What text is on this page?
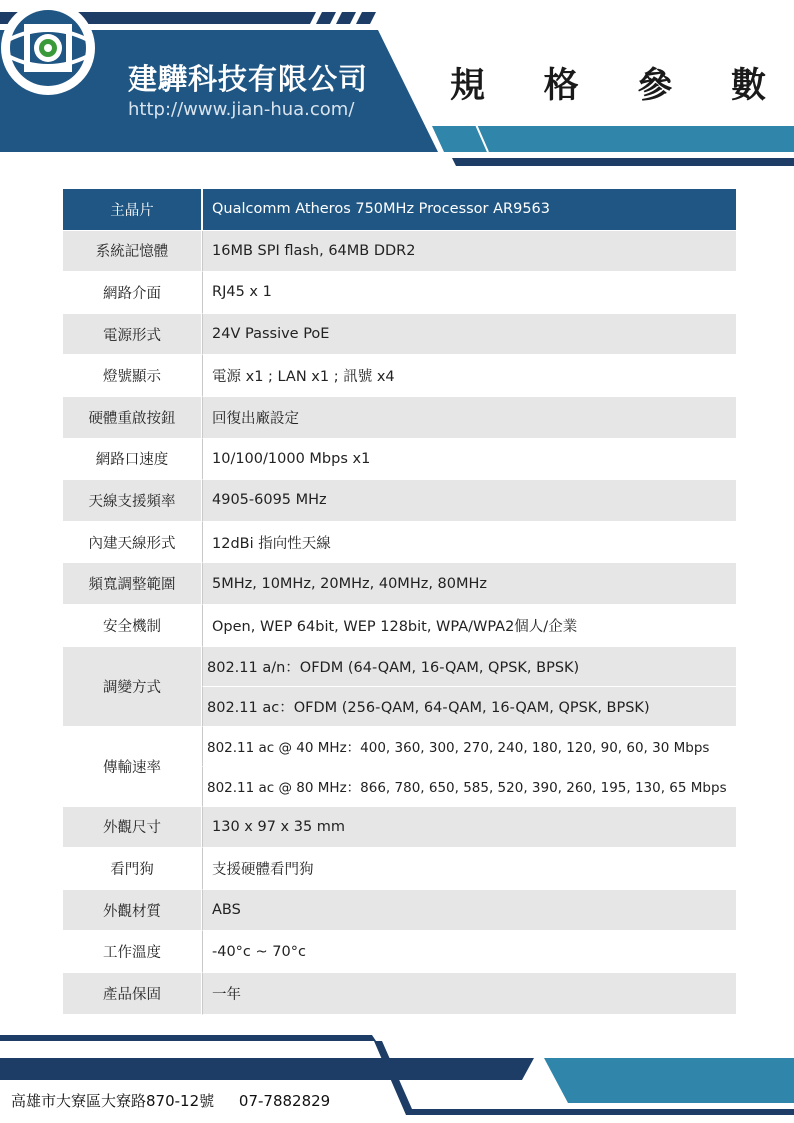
建驊科技有限公司
http://www.jian-hua.com/
規 格 參 數
主晶片	Qualcomm Atheros 750MHz Processor AR9563
系統記憶體	16MB SPI flash, 64MB DDR2
網路介面	RJ45 x 1
電源形式	24V Passive PoE
燈號顯示	電源 x1 ; LAN x1 ; 訊號 x4
硬體重啟按鈕	回復出廠設定
網路口速度	10/100/1000 Mbps x1
天線支援頻率	4905-6095 MHz
內建天線形式	12dBi 指向性天線
頻寬調整範圍	5MHz, 10MHz, 20MHz, 40MHz, 80MHz
安全機制	Open, WEP 64bit, WEP 128bit, WPA/WPA2個人/企業
調變方式	802.11 a/n：OFDM (64-QAM, 16-QAM, QPSK, BPSK)
	802.11 ac：OFDM (256-QAM, 64-QAM, 16-QAM, QPSK, BPSK)
傳輸速率	802.11 ac @ 40 MHz：400, 360, 300, 270, 240, 180, 120, 90, 60, 30 Mbps
	802.11 ac @ 80 MHz：866, 780, 650, 585, 520, 390, 260, 195, 130, 65 Mbps
外觀尺寸	130 x 97 x 35 mm
看門狗	支援硬體看門狗
外觀材質	ABS
工作溫度	-40°c ~ 70°c
產品保固	一年
高雄市大寮區大寮路870-12號 07-7882829
